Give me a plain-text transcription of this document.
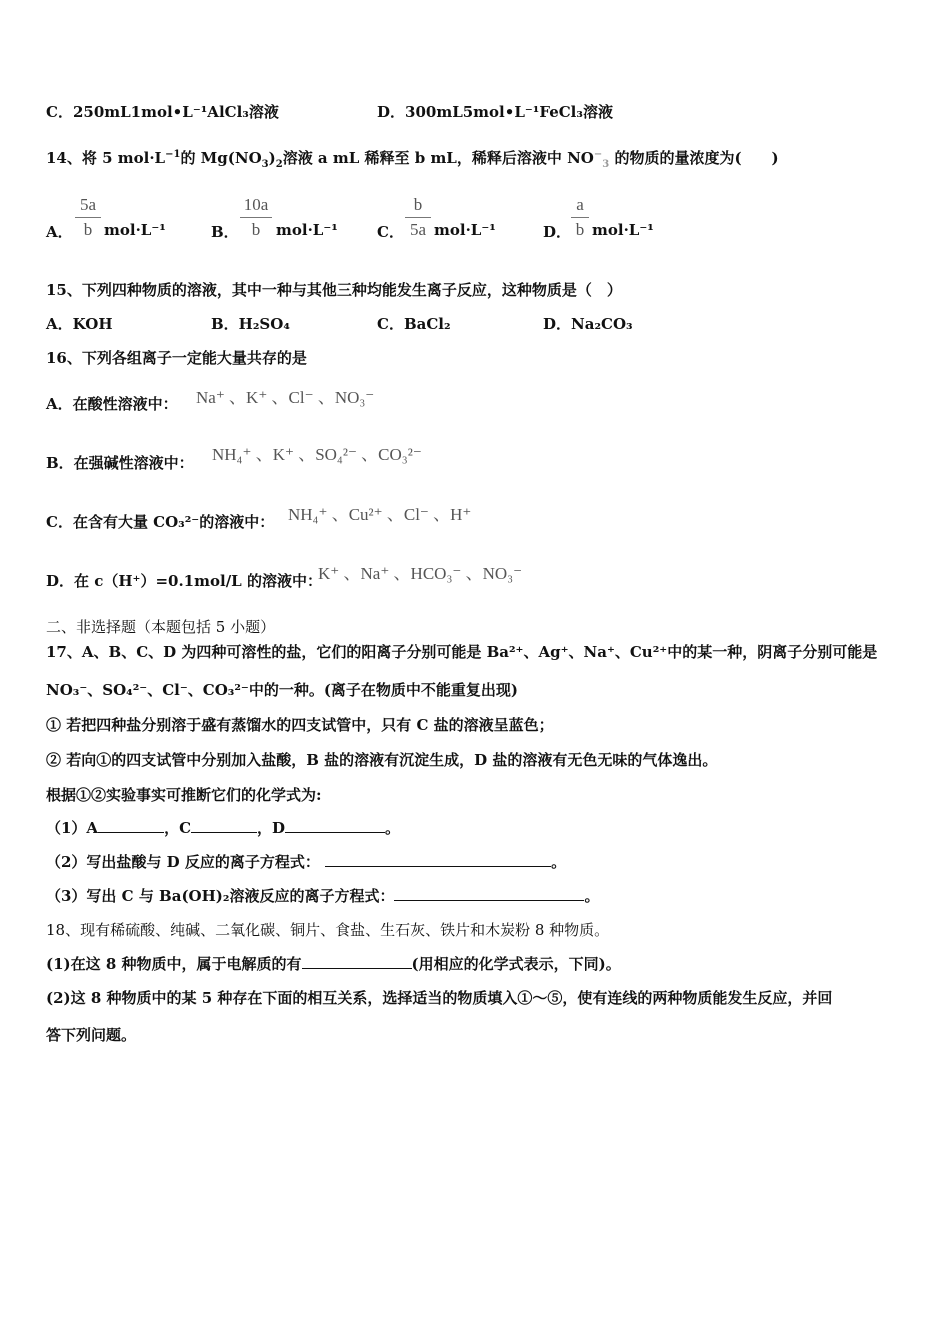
C．250mL1mol•L⁻¹AlCl₃溶液	D．300mL5mol•L⁻¹FeCl₃溶液
14、将 5 $mol\cdot L^{-1}$的 $Mg(NO_3)_2$溶液 a mL 稀释至 b mL，稀释后溶液中 $NO^-_3$ 的物质的量浓度为(　　)
A． $\frac{5a}{b} mol\cdot L^{-1}$	B． $\frac{10a}{b} mol\cdot L^{-1}$	C． $\frac{b}{5a} mol\cdot L^{-1}$	D． $\frac{a}{b} mol\cdot L^{-1}$
15、下列四种物质的溶液，其中一种与其他三种均能发生离子反应，这种物质是（　）
A．KOH	B．H₂SO₄	C．BaCl₂	D．Na₂CO₃
16、下列各组离子一定能大量共存的是
A．在酸性溶液中： Na⁺ 、K⁺ 、Cl⁻ 、NO₃⁻
B．在强碱性溶液中： NH₄⁺ 、K⁺ 、SO₄²⁻ 、CO₃²⁻
C．在含有大量 CO₃²⁻的溶液中： NH₄⁺ 、Cu²⁺ 、Cl⁻ 、H⁺
D．在 c（H⁺）=0.1mol/L 的溶液中：
K⁺ 、Na⁺ 、HCO₃⁻ 、NO₃⁻
二、非选择题（本题包括 5 小题）
17、A、B、C、D 为四种可溶性的盐，它们的阳离子分别可能是 Ba²⁺、Ag⁺、Na⁺、Cu²⁺中的某一种，阴离子分别可能是
NO₃⁻、SO₄²⁻、Cl⁻、CO₃²⁻中的一种。(离子在物质中不能重复出现)
① 若把四种盐分别溶于盛有蒸馏水的四支试管中，只有 C 盐的溶液呈蓝色；
② 若向①的四支试管中分别加入盐酸，B 盐的溶液有沉淀生成，D 盐的溶液有无色无味的气体逸出。
根据①②实验事实可推断它们的化学式为:
（1）A	，C	，D	。
（2）写出盐酸与 D 反应的离子方程式：	。
（3）写出 C 与 Ba(OH)₂溶液反应的离子方程式：	。
18、现有稀硫酸、纯碱、二氧化碳、铜片、食盐、生石灰、铁片和木炭粉 8 种物质。
(1)在这 8 种物质中，属于电解质的有	(用相应的化学式表示，下同)。
(2)这 8 种物质中的某 5 种存在下面的相互关系，选择适当的物质填入①～⑤，使有连线的两种物质能发生反应，并回
答下列问题。
